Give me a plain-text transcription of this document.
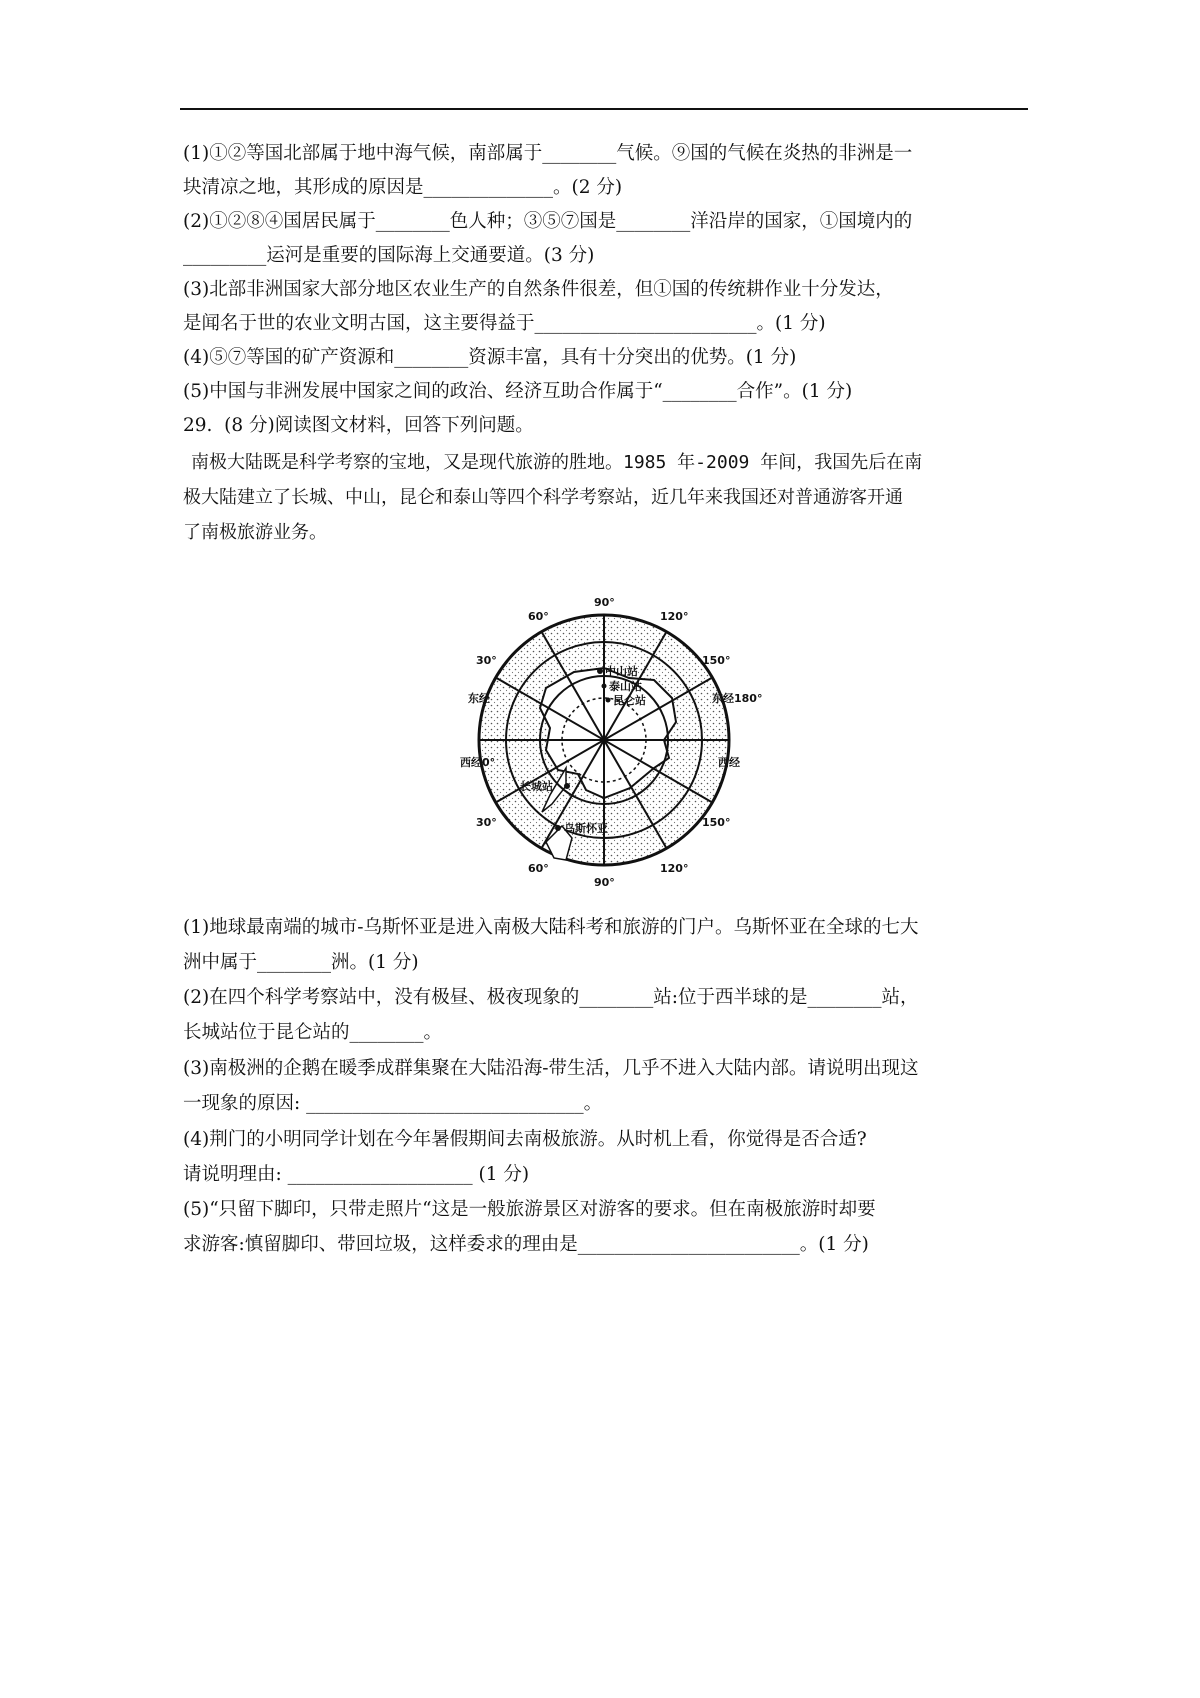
(1)①②等国北部属于地中海气候，南部属于________气候。⑨国的气候在炎热的非洲是一
块清凉之地，其形成的原因是______________。(2 分)
(2)①②⑧④国居民属于________色人种；③⑤⑦国是________洋沿岸的国家，①国境内的
_________运河是重要的国际海上交通要道。(3 分)
(3)北部非洲国家大部分地区农业生产的自然条件很差，但①国的传统耕作业十分发达，
是闻名于世的农业文明古国，这主要得益于________________________。(1 分)
(4)⑤⑦等国的矿产资源和________资源丰富，具有十分突出的优势。(1 分)
(5)中国与非洲发展中国家之间的政治、经济互助合作属于“________合作”。(1 分)
29.  (8 分)阅读图文材料，回答下列问题。
南极大陆既是科学考察的宝地，又是现代旅游的胜地。1985 年-2009 年间，我国先后在南
极大陆建立了长城、中山，昆仑和泰山等四个科学考察站，近几年来我国还对普通游客开通
了南极旅游业务。
90°
60°	120°
30°	150°
东经
西经0°
东经180°
西经
30°	150°
60°	120°
90°
中山站
泰山站
昆仑站
长城站
乌斯怀亚
(1)地球最南端的城市-乌斯怀亚是进入南极大陆科考和旅游的门户。乌斯怀亚在全球的七大
洲中属于________洲。(1 分)
(2)在四个科学考察站中，没有极昼、极夜现象的________站:位于西半球的是________站，
长城站位于昆仑站的________。
(3)南极洲的企鹅在暖季成群集聚在大陆沿海-带生活，几乎不进入大陆内部。请说明出现这
一现象的原因: ______________________________。
(4)荆门的小明同学计划在今年暑假期间去南极旅游。从时机上看，你觉得是否合适?
请说明理由: ____________________ (1 分)
(5)“只留下脚印，只带走照片“这是一般旅游景区对游客的要求。但在南极旅游时却要
求游客:慎留脚印、带回垃圾，这样委求的理由是________________________。(1 分)
